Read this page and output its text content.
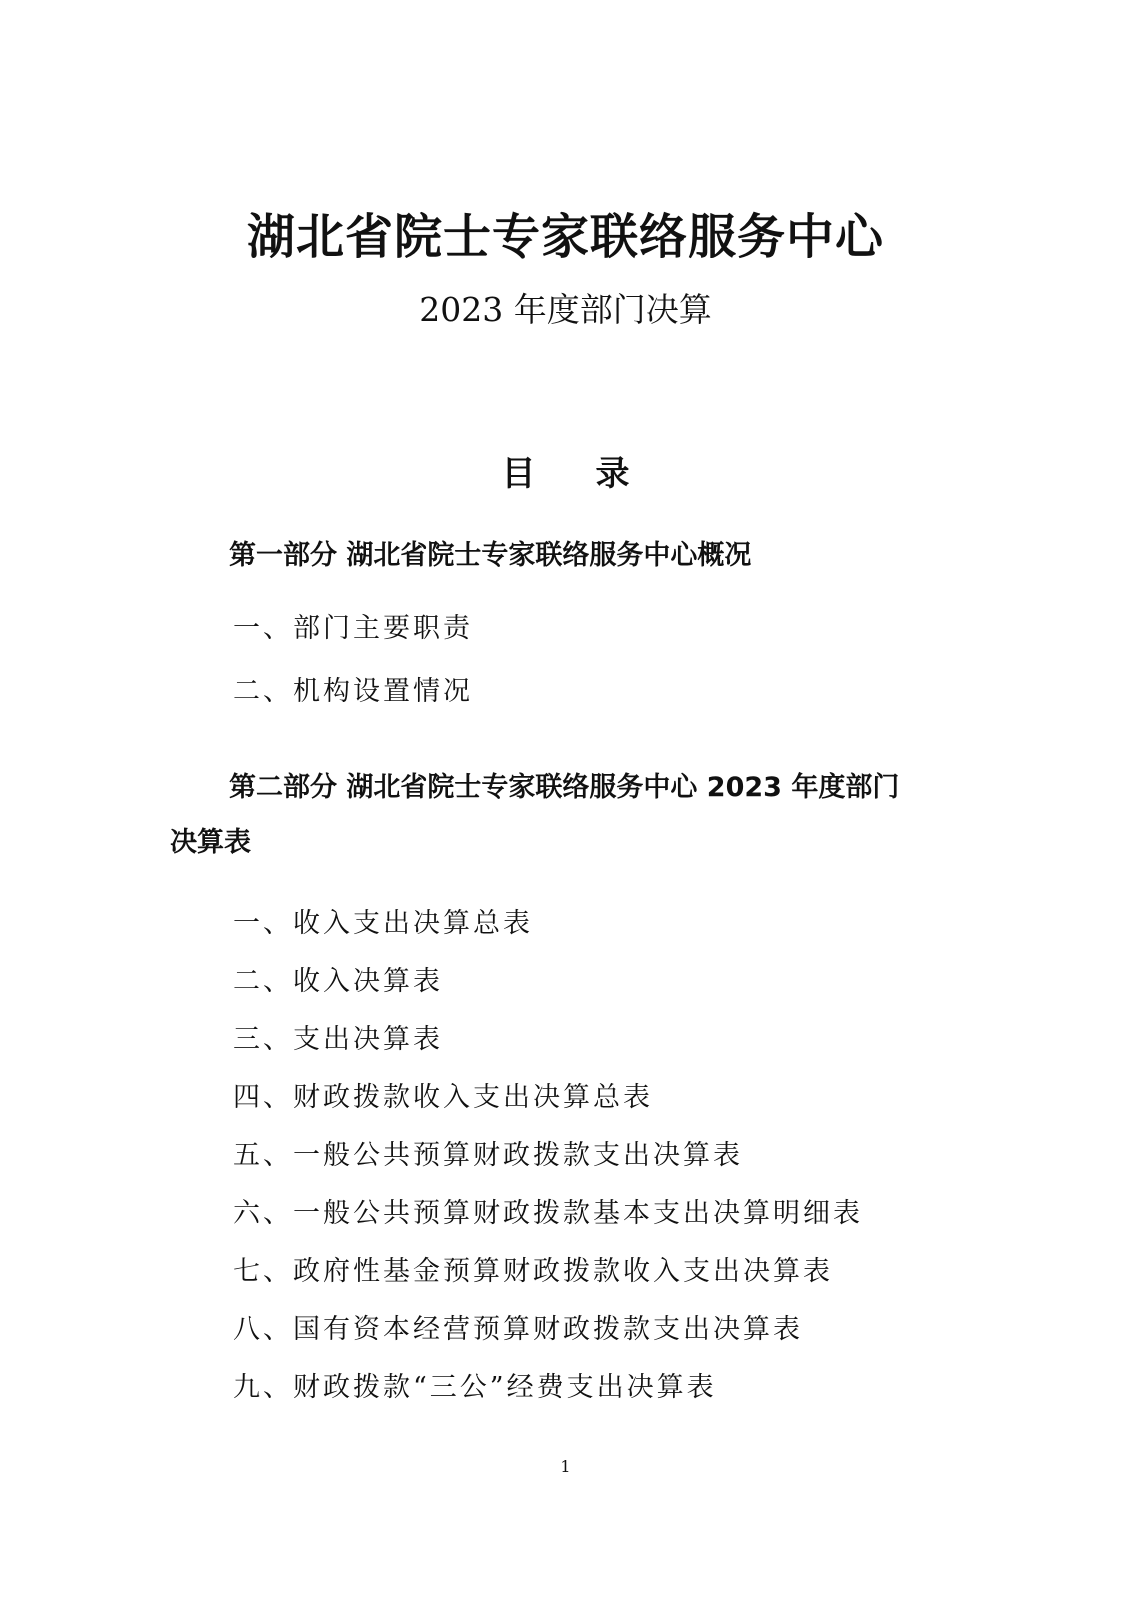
湖北省院士专家联络服务中心
2023 年度部门决算
目 录
第一部分 湖北省院士专家联络服务中心概况
一、部门主要职责
二、机构设置情况
第二部分 湖北省院士专家联络服务中心 2023 年度部门
决算表
一、收入支出决算总表
二、收入决算表
三、支出决算表
四、财政拨款收入支出决算总表
五、一般公共预算财政拨款支出决算表
六、一般公共预算财政拨款基本支出决算明细表
七、政府性基金预算财政拨款收入支出决算表
八、国有资本经营预算财政拨款支出决算表
九、财政拨款“三公”经费支出决算表
1
